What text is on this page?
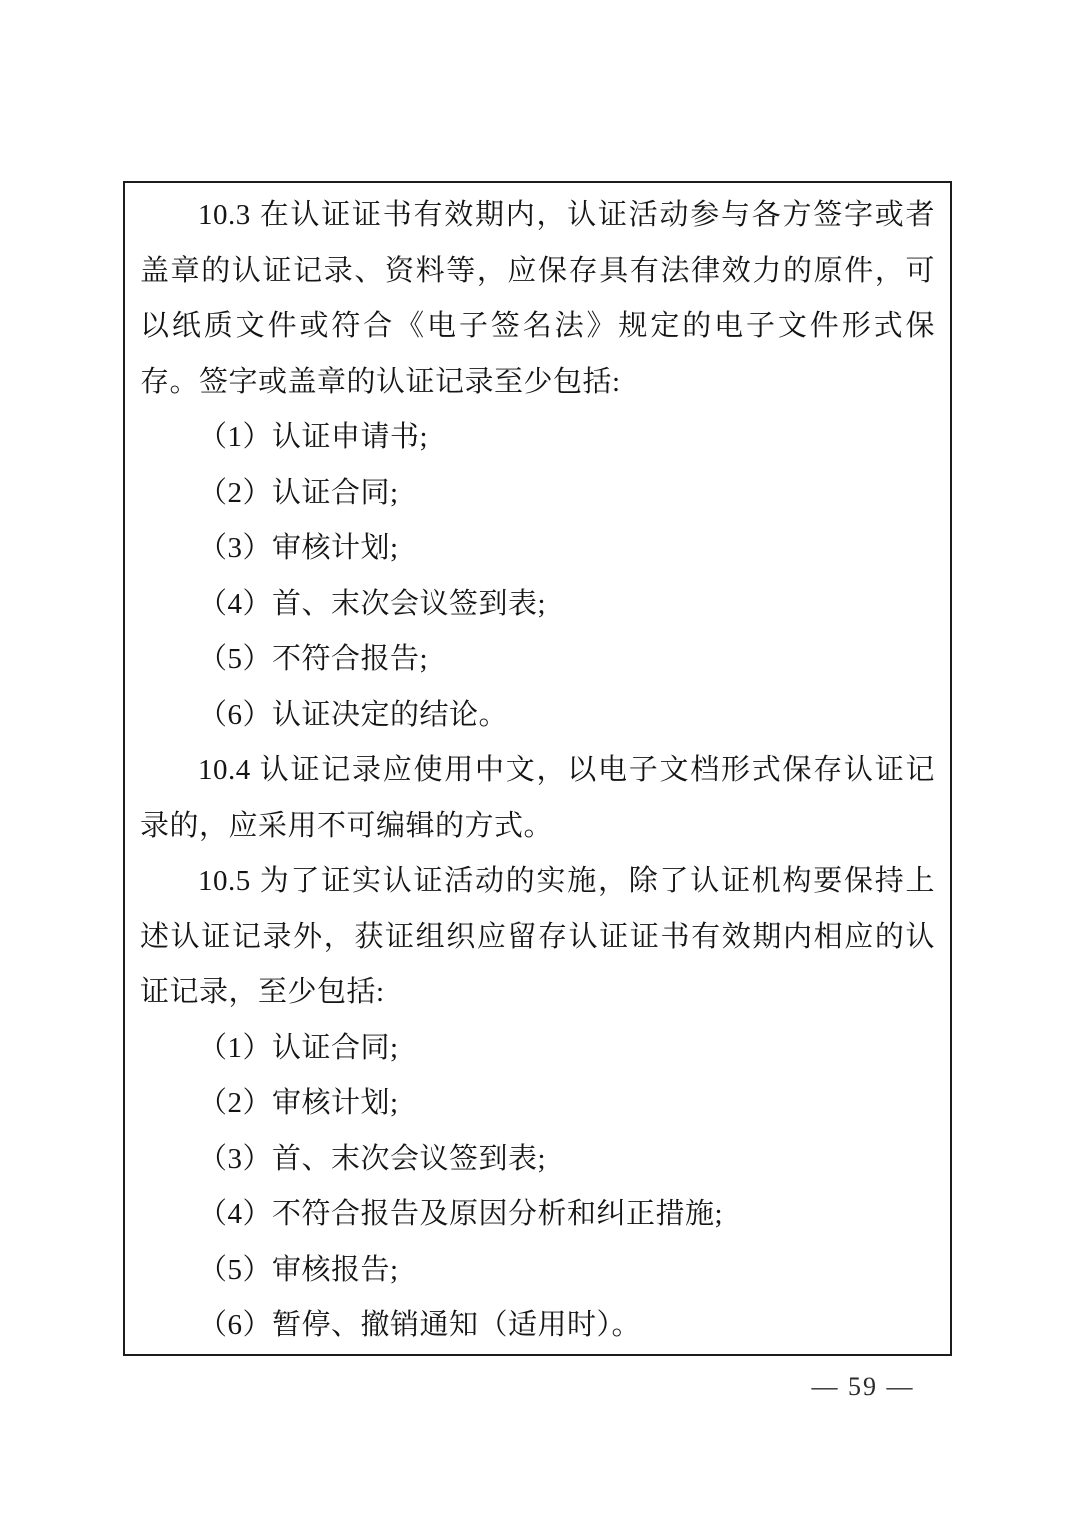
10.3 在认证证书有效期内，认证活动参与各方签字或者盖章的认证记录、资料等，应保存具有法律效力的原件，可以纸质文件或符合《电子签名法》规定的电子文件形式保存。签字或盖章的认证记录至少包括:

（1）认证申请书;

（2）认证合同;

（3）审核计划;

（4）首、末次会议签到表;

（5）不符合报告;

（6）认证决定的结论。

10.4 认证记录应使用中文，以电子文档形式保存认证记录的，应采用不可编辑的方式。

10.5 为了证实认证活动的实施，除了认证机构要保持上述认证记录外，获证组织应留存认证证书有效期内相应的认证记录，至少包括:

（1）认证合同;

（2）审核计划;

（3）首、末次会议签到表;

（4）不符合报告及原因分析和纠正措施;

（5）审核报告;

（6）暂停、撤销通知（适用时）。

— 59 —
